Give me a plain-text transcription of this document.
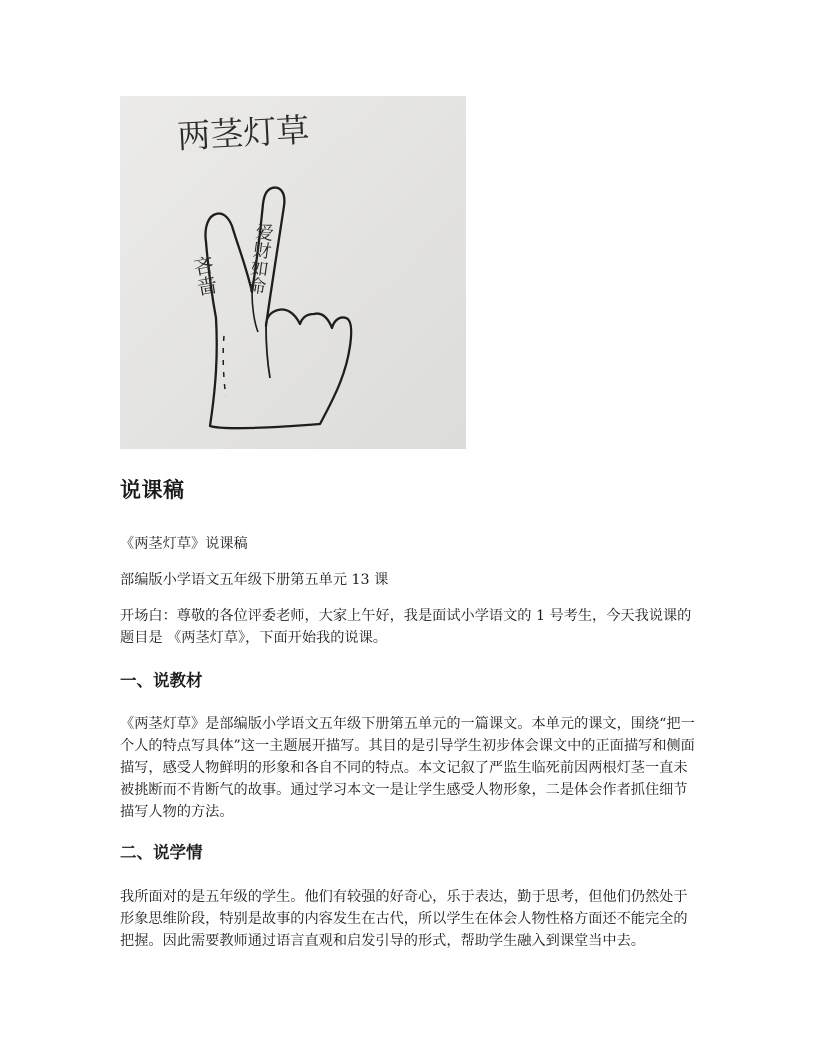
两茎灯草
吝啬 爱财如命
说课稿

《两茎灯草》说课稿

部编版小学语文五年级下册第五单元 13 课

开场白：尊敬的各位评委老师，大家上午好，我是面试小学语文的 1 号考生，今天我说课的题目是 《两茎灯草》，下面开始我的说课。

一、说教材

《两茎灯草》是部编版小学语文五年级下册第五单元的一篇课文。本单元的课文，围绕“把一个人的特点写具体”这一主题展开描写。其目的是引导学生初步体会课文中的正面描写和侧面描写，感受人物鲜明的形象和各自不同的特点。本文记叙了严监生临死前因两根灯茎一直未被挑断而不肯断气的故事。通过学习本文一是让学生感受人物形象，二是体会作者抓住细节描写人物的方法。

二、说学情

我所面对的是五年级的学生。他们有较强的好奇心，乐于表达，勤于思考，但他们仍然处于形象思维阶段，特别是故事的内容发生在古代，所以学生在体会人物性格方面还不能完全的把握。因此需要教师通过语言直观和启发引导的形式，帮助学生融入到课堂当中去。
